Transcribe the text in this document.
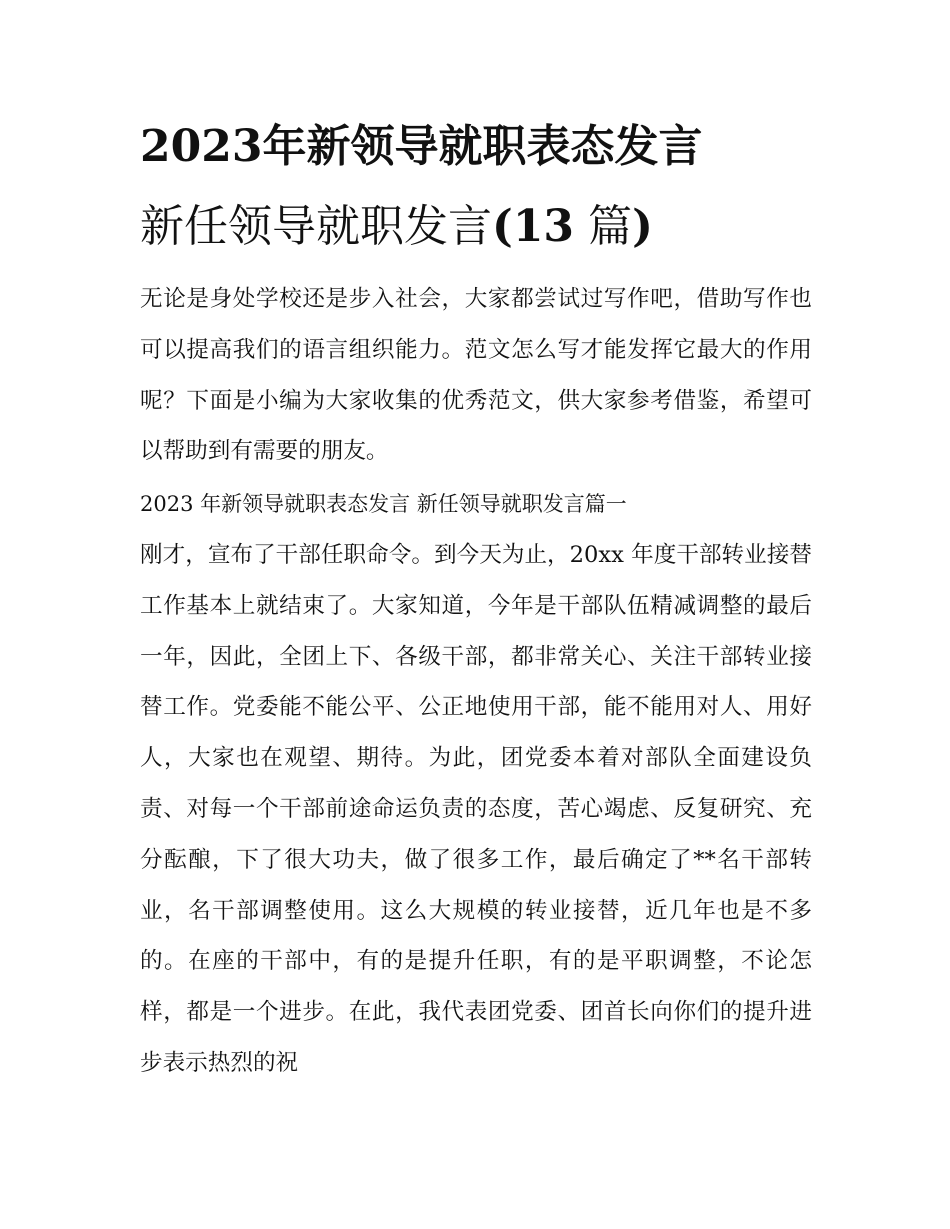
2023年新领导就职表态发言
新任领导就职发言(13 篇)

无论是身处学校还是步入社会，大家都尝试过写作吧，借助写作也可以提高我们的语言组织能力。范文怎么写才能发挥它最大的作用呢？下面是小编为大家收集的优秀范文，供大家参考借鉴，希望可以帮助到有需要的朋友。

2023 年新领导就职表态发言 新任领导就职发言篇一

刚才，宣布了干部任职命令。到今天为止，20xx 年度干部转业接替工作基本上就结束了。大家知道，今年是干部队伍精减调整的最后一年，因此，全团上下、各级干部，都非常关心、关注干部转业接替工作。党委能不能公平、公正地使用干部，能不能用对人、用好人，大家也在观望、期待。为此，团党委本着对部队全面建设负责、对每一个干部前途命运负责的态度，苦心竭虑、反复研究、充分酝酿，下了很大功夫，做了很多工作，最后确定了**名干部转业，名干部调整使用。这么大规模的转业接替，近几年也是不多的。在座的干部中，有的是提升任职，有的是平职调整，不论怎样，都是一个进步。在此，我代表团党委、团首长向你们的提升进步表示热烈的祝
